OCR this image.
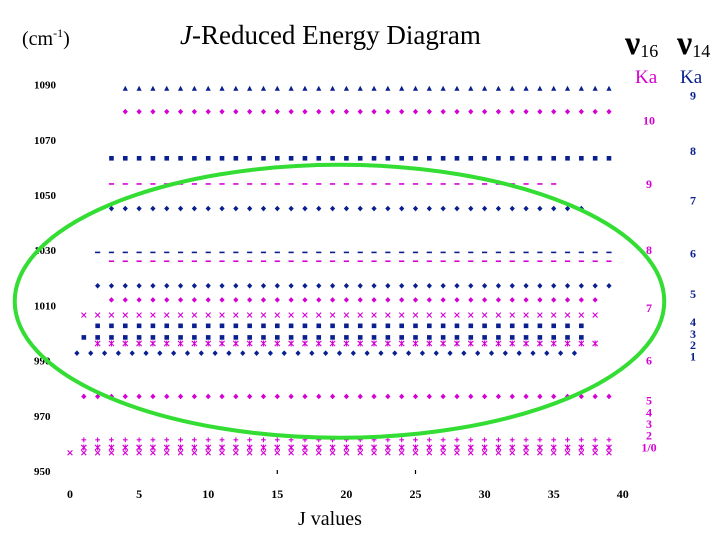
$(cm^{-1})$	J-Reduced Energy Diagram	ν16 ν14
Ka Ka
950
970
990
1010
1030
1050
1070
1090
0	5	10	15	20	25	30	35	40
J values
10
9
8
7
6
5
4
3
2
1/0
9
8
7
6
5
4
3
2
1
